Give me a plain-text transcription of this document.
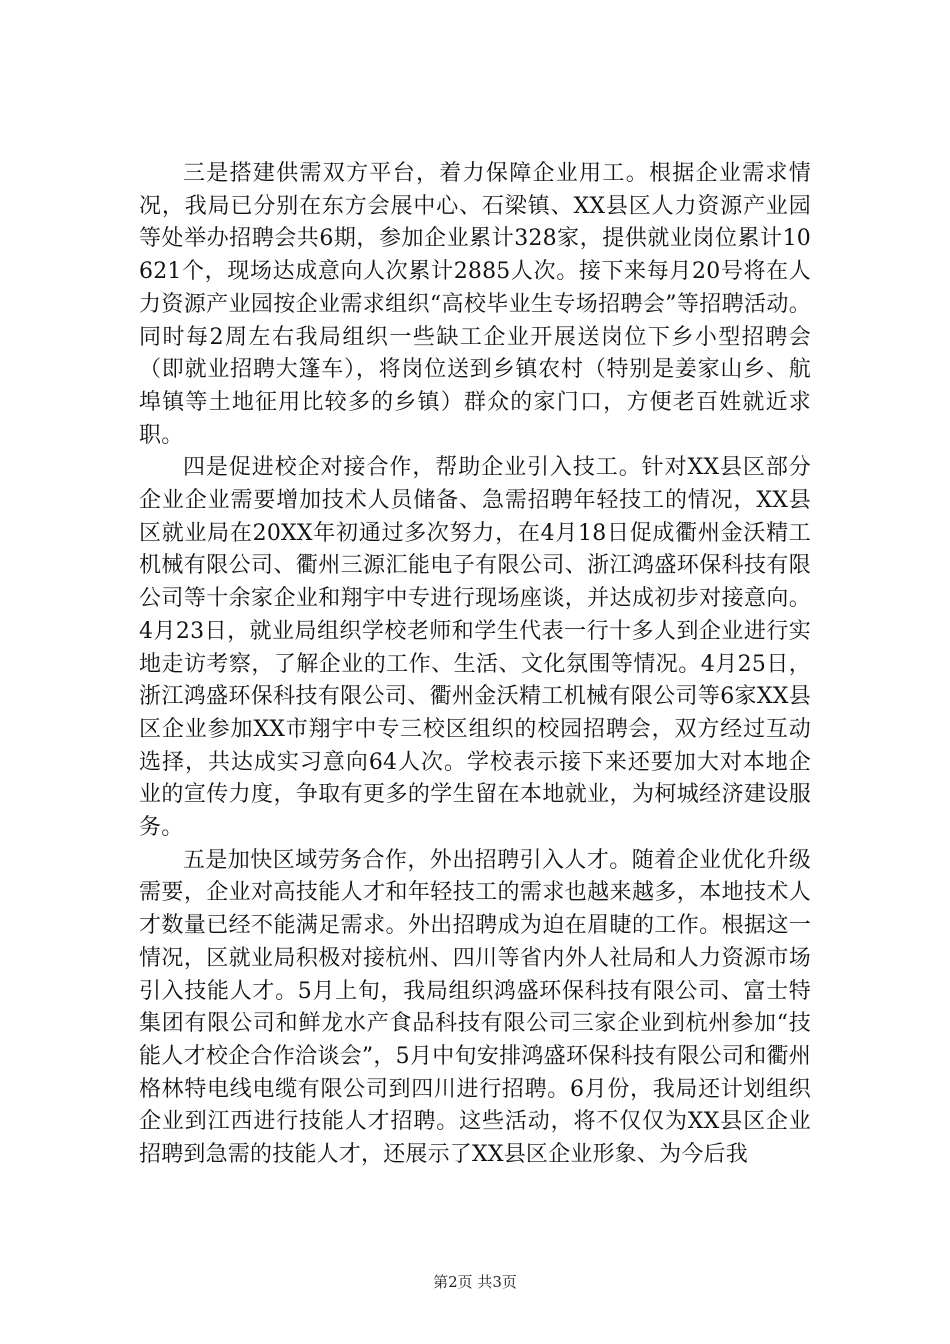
三是搭建供需双方平台，着力保障企业用工。根据企业需求情况，我局已分别在东方会展中心、石梁镇、XX县区人力资源产业园等处举办招聘会共6期，参加企业累计328家，提供就业岗位累计10621个，现场达成意向人次累计2885人次。接下来每月20号将在人力资源产业园按企业需求组织“高校毕业生专场招聘会”等招聘活动。同时每2周左右我局组织一些缺工企业开展送岗位下乡小型招聘会（即就业招聘大篷车），将岗位送到乡镇农村（特别是姜家山乡、航埠镇等土地征用比较多的乡镇）群众的家门口，方便老百姓就近求职。

四是促进校企对接合作，帮助企业引入技工。针对XX县区部分企业企业需要增加技术人员储备、急需招聘年轻技工的情况，XX县区就业局在20XX年初通过多次努力，在4月18日促成衢州金沃精工机械有限公司、衢州三源汇能电子有限公司、浙江鸿盛环保科技有限公司等十余家企业和翔宇中专进行现场座谈，并达成初步对接意向。4月23日，就业局组织学校老师和学生代表一行十多人到企业进行实地走访考察，了解企业的工作、生活、文化氛围等情况。4月25日，浙江鸿盛环保科技有限公司、衢州金沃精工机械有限公司等6家XX县区企业参加XX市翔宇中专三校区组织的校园招聘会，双方经过互动选择，共达成实习意向64人次。学校表示接下来还要加大对本地企业的宣传力度，争取有更多的学生留在本地就业，为柯城经济建设服务。

五是加快区域劳务合作，外出招聘引入人才。随着企业优化升级需要，企业对高技能人才和年轻技工的需求也越来越多，本地技术人才数量已经不能满足需求。外出招聘成为迫在眉睫的工作。根据这一情况，区就业局积极对接杭州、四川等省内外人社局和人力资源市场引入技能人才。5月上旬，我局组织鸿盛环保科技有限公司、富士特集团有限公司和鲜龙水产食品科技有限公司三家企业到杭州参加“技能人才校企合作洽谈会”，5月中旬安排鸿盛环保科技有限公司和衢州格林特电线电缆有限公司到四川进行招聘。6月份，我局还计划组织企业到江西进行技能人才招聘。这些活动，将不仅仅为XX县区企业招聘到急需的技能人才，还展示了XX县区企业形象、为今后我

第2页 共3页
